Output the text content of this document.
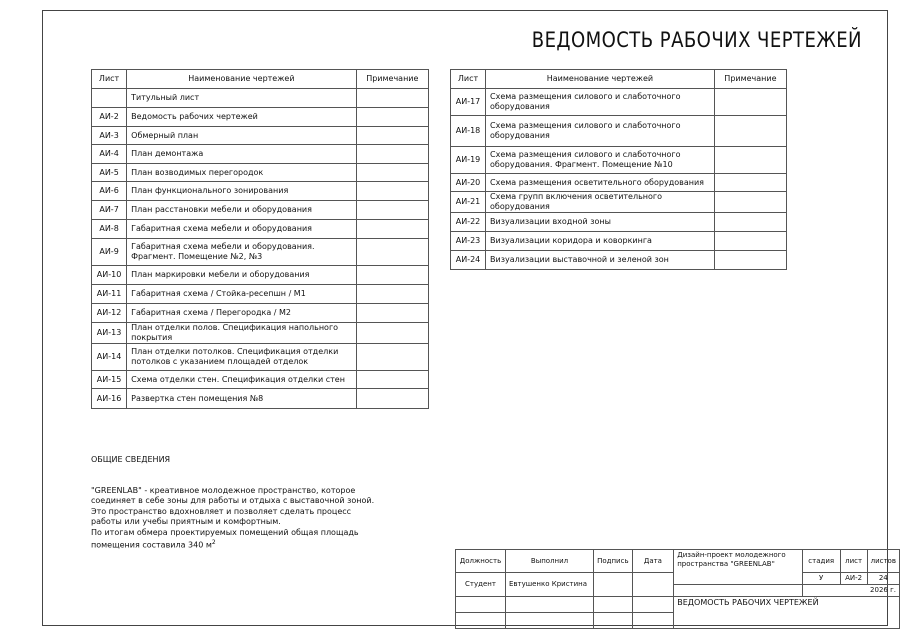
ВЕДОМОСТЬ РАБОЧИХ ЧЕРТЕЖЕЙ
Лист	Наименование чертежей	Примечание
	Титульный лист	
АИ-2	Ведомость рабочих чертежей	
АИ-3	Обмерный план	
АИ-4	План демонтажа	
АИ-5	План возводимых перегородок	
АИ-6	План функционального зонирования	
АИ-7	План расстановки мебели и оборудования	
АИ-8	Габаритная схема мебели и оборудования	
АИ-9	Габаритная схема мебели и оборудования. Фрагмент. Помещение №2, №3	
АИ-10	План маркировки мебели и оборудования	
АИ-11	Габаритная схема / Стойка-ресепшн / М1	
АИ-12	Габаритная схема / Перегородка / М2	
АИ-13	План отделки полов. Спецификация напольного покрытия	
АИ-14	План отделки потолков. Спецификация отделки потолков с указанием площадей отделок	
АИ-15	Схема отделки стен. Спецификация отделки стен	
АИ-16	Развертка стен помещения №8	
Лист	Наименование чертежей	Примечание
АИ-17	Схема размещения силового и слаботочного оборудования	
АИ-18	Схема размещения силового и слаботочного оборудования	
АИ-19	Схема размещения силового и слаботочного оборудования. Фрагмент. Помещение №10	
АИ-20	Схема размещения осветительного оборудования	
АИ-21	Схема групп включения осветительного оборудования	
АИ-22	Визуализации входной зоны	
АИ-23	Визуализации коридора и коворкинга	
АИ-24	Визуализации выставочной и зеленой зон	
ОБЩИЕ СВЕДЕНИЯ

"GREENLAB" - креативное молодежное пространство, которое соединяет в себе зоны для работы и отдыха с выставочной зоной. Это пространство вдохновляет и позволяет сделать процесс работы или учебы приятным и комфортным.

По итогам обмера проектируемых помещений общая площадь помещения составила 340 $м^2$

Должность	Выполнил	Подпись	Дата	Дизайн-проект молодежного пространства "GREENLAB"	стадия	лист	листов
Студент	Евтушенко Кристина				У	АИ-2	24
					2026 г.		
				ВЕДОМОСТЬ РАБОЧИХ ЧЕРТЕЖЕЙ			
